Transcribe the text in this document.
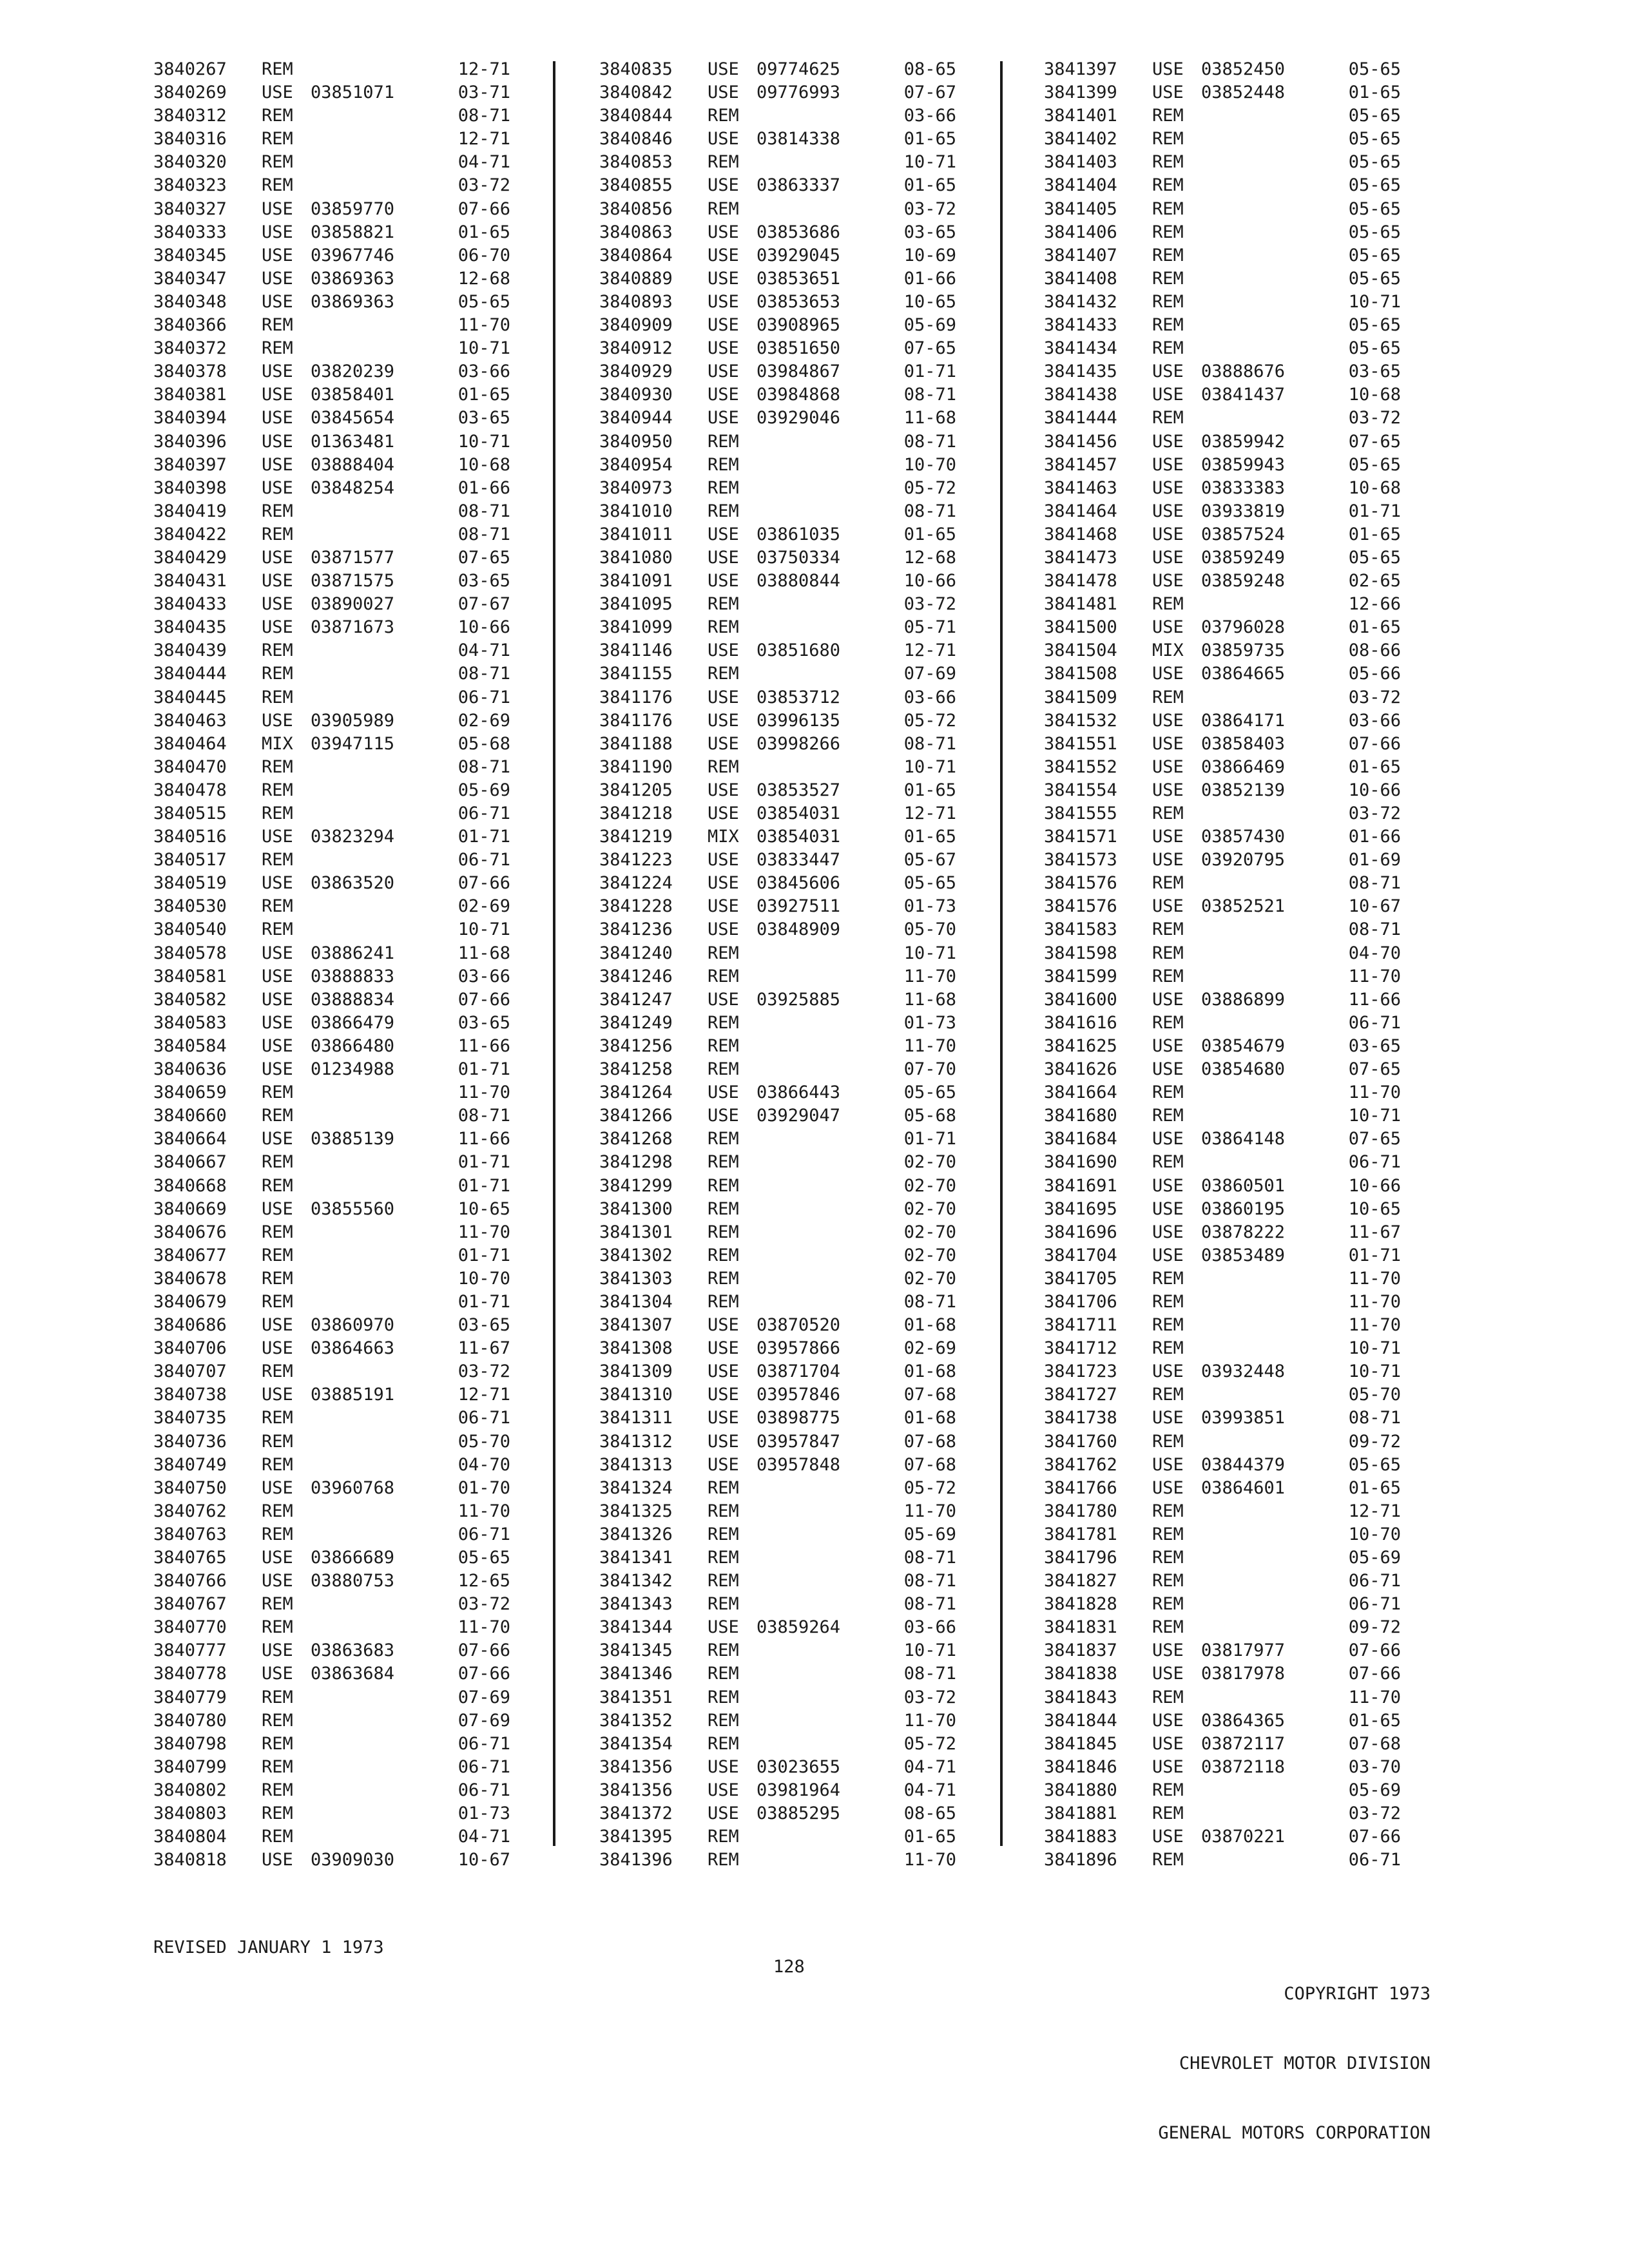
3840267	REM	12-71
3840269	USE	03851071	03-71
3840312	REM	08-71
3840316	REM	12-71
3840320	REM	04-71
3840323	REM	03-72
3840327	USE	03859770	07-66
3840333	USE	03858821	01-65
3840345	USE	03967746	06-70
3840347	USE	03869363	12-68
3840348	USE	03869363	05-65
3840366	REM	11-70
3840372	REM	10-71
3840378	USE	03820239	03-66
3840381	USE	03858401	01-65
3840394	USE	03845654	03-65
3840396	USE	01363481	10-71
3840397	USE	03888404	10-68
3840398	USE	03848254	01-66
3840419	REM	08-71
3840422	REM	08-71
3840429	USE	03871577	07-65
3840431	USE	03871575	03-65
3840433	USE	03890027	07-67
3840435	USE	03871673	10-66
3840439	REM	04-71
3840444	REM	08-71
3840445	REM	06-71
3840463	USE	03905989	02-69
3840464	MIX	03947115	05-68
3840470	REM	08-71
3840478	REM	05-69
3840515	REM	06-71
3840516	USE	03823294	01-71
3840517	REM	06-71
3840519	USE	03863520	07-66
3840530	REM	02-69
3840540	REM	10-71
3840578	USE	03886241	11-68
3840581	USE	03888833	03-66
3840582	USE	03888834	07-66
3840583	USE	03866479	03-65
3840584	USE	03866480	11-66
3840636	USE	01234988	01-71
3840659	REM	11-70
3840660	REM	08-71
3840664	USE	03885139	11-66
3840667	REM	01-71
3840668	REM	01-71
3840669	USE	03855560	10-65
3840676	REM	11-70
3840677	REM	01-71
3840678	REM	10-70
3840679	REM	01-71
3840686	USE	03860970	03-65
3840706	USE	03864663	11-67
3840707	REM	03-72
3840738	USE	03885191	12-71
3840735	REM	06-71
3840736	REM	05-70
3840749	REM	04-70
3840750	USE	03960768	01-70
3840762	REM	11-70
3840763	REM	06-71
3840765	USE	03866689	05-65
3840766	USE	03880753	12-65
3840767	REM	03-72
3840770	REM	11-70
3840777	USE	03863683	07-66
3840778	USE	03863684	07-66
3840779	REM	07-69
3840780	REM	07-69
3840798	REM	06-71
3840799	REM	06-71
3840802	REM	06-71
3840803	REM	01-73
3840804	REM	04-71
3840818	USE	03909030	10-67
3840835	USE	09774625	08-65
3840842	USE	09776993	07-67
3840844	REM	03-66
3840846	USE	03814338	01-65
3840853	REM	10-71
3840855	USE	03863337	01-65
3840856	REM	03-72
3840863	USE	03853686	03-65
3840864	USE	03929045	10-69
3840889	USE	03853651	01-66
3840893	USE	03853653	10-65
3840909	USE	03908965	05-69
3840912	USE	03851650	07-65
3840929	USE	03984867	01-71
3840930	USE	03984868	08-71
3840944	USE	03929046	11-68
3840950	REM	08-71
3840954	REM	10-70
3840973	REM	05-72
3841010	REM	08-71
3841011	USE	03861035	01-65
3841080	USE	03750334	12-68
3841091	USE	03880844	10-66
3841095	REM	03-72
3841099	REM	05-71
3841146	USE	03851680	12-71
3841155	REM	07-69
3841176	USE	03853712	03-66
3841176	USE	03996135	05-72
3841188	USE	03998266	08-71
3841190	REM	10-71
3841205	USE	03853527	01-65
3841218	USE	03854031	12-71
3841219	MIX	03854031	01-65
3841223	USE	03833447	05-67
3841224	USE	03845606	05-65
3841228	USE	03927511	01-73
3841236	USE	03848909	05-70
3841240	REM	10-71
3841246	REM	11-70
3841247	USE	03925885	11-68
3841249	REM	01-73
3841256	REM	11-70
3841258	REM	07-70
3841264	USE	03866443	05-65
3841266	USE	03929047	05-68
3841268	REM	01-71
3841298	REM	02-70
3841299	REM	02-70
3841300	REM	02-70
3841301	REM	02-70
3841302	REM	02-70
3841303	REM	02-70
3841304	REM	08-71
3841307	USE	03870520	01-68
3841308	USE	03957866	02-69
3841309	USE	03871704	01-68
3841310	USE	03957846	07-68
3841311	USE	03898775	01-68
3841312	USE	03957847	07-68
3841313	USE	03957848	07-68
3841324	REM	05-72
3841325	REM	11-70
3841326	REM	05-69
3841341	REM	08-71
3841342	REM	08-71
3841343	REM	08-71
3841344	USE	03859264	03-66
3841345	REM	10-71
3841346	REM	08-71
3841351	REM	03-72
3841352	REM	11-70
3841354	REM	05-72
3841356	USE	03023655	04-71
3841356	USE	03981964	04-71
3841372	USE	03885295	08-65
3841395	REM	01-65
3841396	REM	11-70
3841397	USE	03852450	05-65
3841399	USE	03852448	01-65
3841401	REM	05-65
3841402	REM	05-65
3841403	REM	05-65
3841404	REM	05-65
3841405	REM	05-65
3841406	REM	05-65
3841407	REM	05-65
3841408	REM	05-65
3841432	REM	10-71
3841433	REM	05-65
3841434	REM	05-65
3841435	USE	03888676	03-65
3841438	USE	03841437	10-68
3841444	REM	03-72
3841456	USE	03859942	07-65
3841457	USE	03859943	05-65
3841463	USE	03833383	10-68
3841464	USE	03933819	01-71
3841468	USE	03857524	01-65
3841473	USE	03859249	05-65
3841478	USE	03859248	02-65
3841481	REM	12-66
3841500	USE	03796028	01-65
3841504	MIX	03859735	08-66
3841508	USE	03864665	05-66
3841509	REM	03-72
3841532	USE	03864171	03-66
3841551	USE	03858403	07-66
3841552	USE	03866469	01-65
3841554	USE	03852139	10-66
3841555	REM	03-72
3841571	USE	03857430	01-66
3841573	USE	03920795	01-69
3841576	REM	08-71
3841576	USE	03852521	10-67
3841583	REM	08-71
3841598	REM	04-70
3841599	REM	11-70
3841600	USE	03886899	11-66
3841616	REM	06-71
3841625	USE	03854679	03-65
3841626	USE	03854680	07-65
3841664	REM	11-70
3841680	REM	10-71
3841684	USE	03864148	07-65
3841690	REM	06-71
3841691	USE	03860501	10-66
3841695	USE	03860195	10-65
3841696	USE	03878222	11-67
3841704	USE	03853489	01-71
3841705	REM	11-70
3841706	REM	11-70
3841711	REM	11-70
3841712	REM	10-71
3841723	USE	03932448	10-71
3841727	REM	05-70
3841738	USE	03993851	08-71
3841760	REM	09-72
3841762	USE	03844379	05-65
3841766	USE	03864601	01-65
3841780	REM	12-71
3841781	REM	10-70
3841796	REM	05-69
3841827	REM	06-71
3841828	REM	06-71
3841831	REM	09-72
3841837	USE	03817977	07-66
3841838	USE	03817978	07-66
3841843	REM	11-70
3841844	USE	03864365	01-65
3841845	USE	03872117	07-68
3841846	USE	03872118	03-70
3841880	REM	05-69
3841881	REM	03-72
3841883	USE	03870221	07-66
3841896	REM	06-71
REVISED JANUARY 1 1973
128

COPYRIGHT 1973

CHEVROLET MOTOR DIVISION

GENERAL MOTORS CORPORATION
